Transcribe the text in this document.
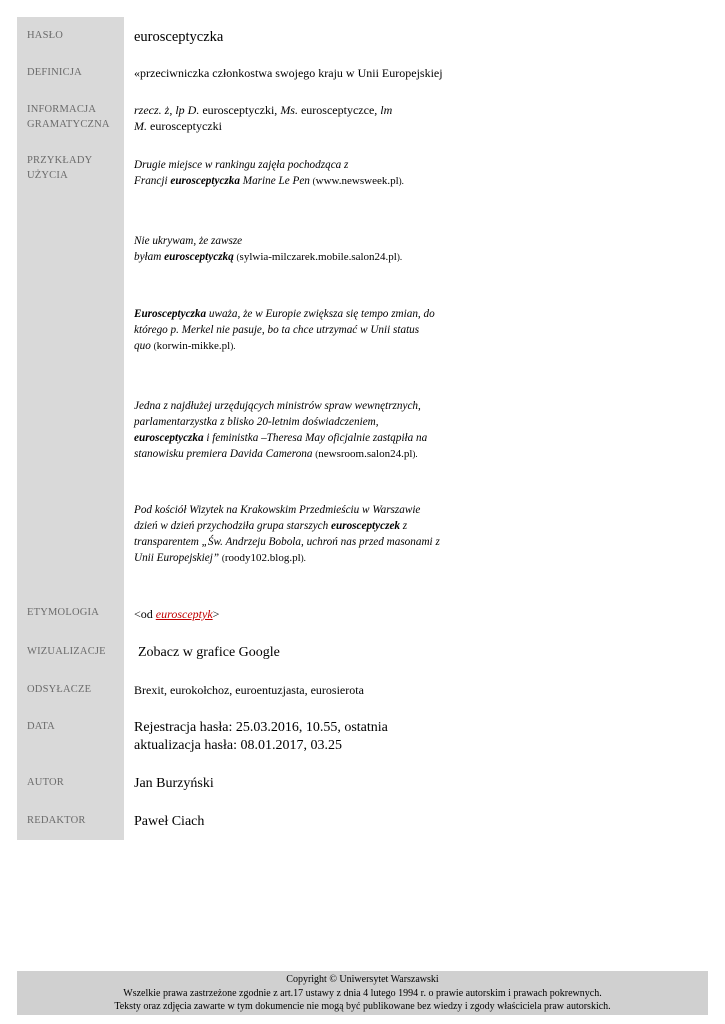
HASŁO
DEFINICJA
INFORMACJA
GRAMATYCZNA
PRZYKŁADY
UŻYCIA
ETYMOLOGIA
WIZUALIZACJE
ODSYŁACZE
DATA
AUTOR
REDAKTOR
eurosceptyczka
«przeciwniczka członkostwa swojego kraju w Unii Europejskiej
rzecz. ż, lp D. eurosceptyczki, Ms. eurosceptyczce, lm
M. eurosceptyczki
Drugie miejsce w rankingu zajęła pochodząca z
Francji eurosceptyczka Marine Le Pen (www.newsweek.pl).
Nie ukrywam, że zawsze
byłam eurosceptyczką (sylwia-milczarek.mobile.salon24.pl).
Eurosceptyczka uważa, że w Europie zwiększa się tempo zmian, do
którego p. Merkel nie pasuje, bo ta chce utrzymać w Unii status
quo (korwin-mikke.pl).
Jedna z najdłużej urzędujących ministrów spraw wewnętrznych,
parlamentarzystka z blisko 20-letnim doświadczeniem,
eurosceptyczka i feministka –Theresa May oficjalnie zastąpiła na
stanowisku premiera Davida Camerona (newsroom.salon24.pl).
Pod kościół Wizytek na Krakowskim Przedmieściu w Warszawie
dzień w dzień przychodziła grupa starszych eurosceptyczek z
transparentem „Św. Andrzeju Bobola, uchroń nas przed masonami z
Unii Europejskiej” (roody102.blog.pl).
<od eurosceptyk>
Zobacz w grafice Google
Brexit, eurokołchoz, euroentuzjasta, eurosierota
Rejestracja hasła: 25.03.2016, 10.55, ostatnia
aktualizacja hasła: 08.01.2017, 03.25
Jan Burzyński
Paweł Ciach
Copyright © Uniwersytet Warszawski
Wszelkie prawa zastrzeżone zgodnie z art.17 ustawy z dnia 4 lutego 1994 r. o prawie autorskim i prawach pokrewnych.
Teksty oraz zdjęcia zawarte w tym dokumencie nie mogą być publikowane bez wiedzy i zgody właściciela praw autorskich.
